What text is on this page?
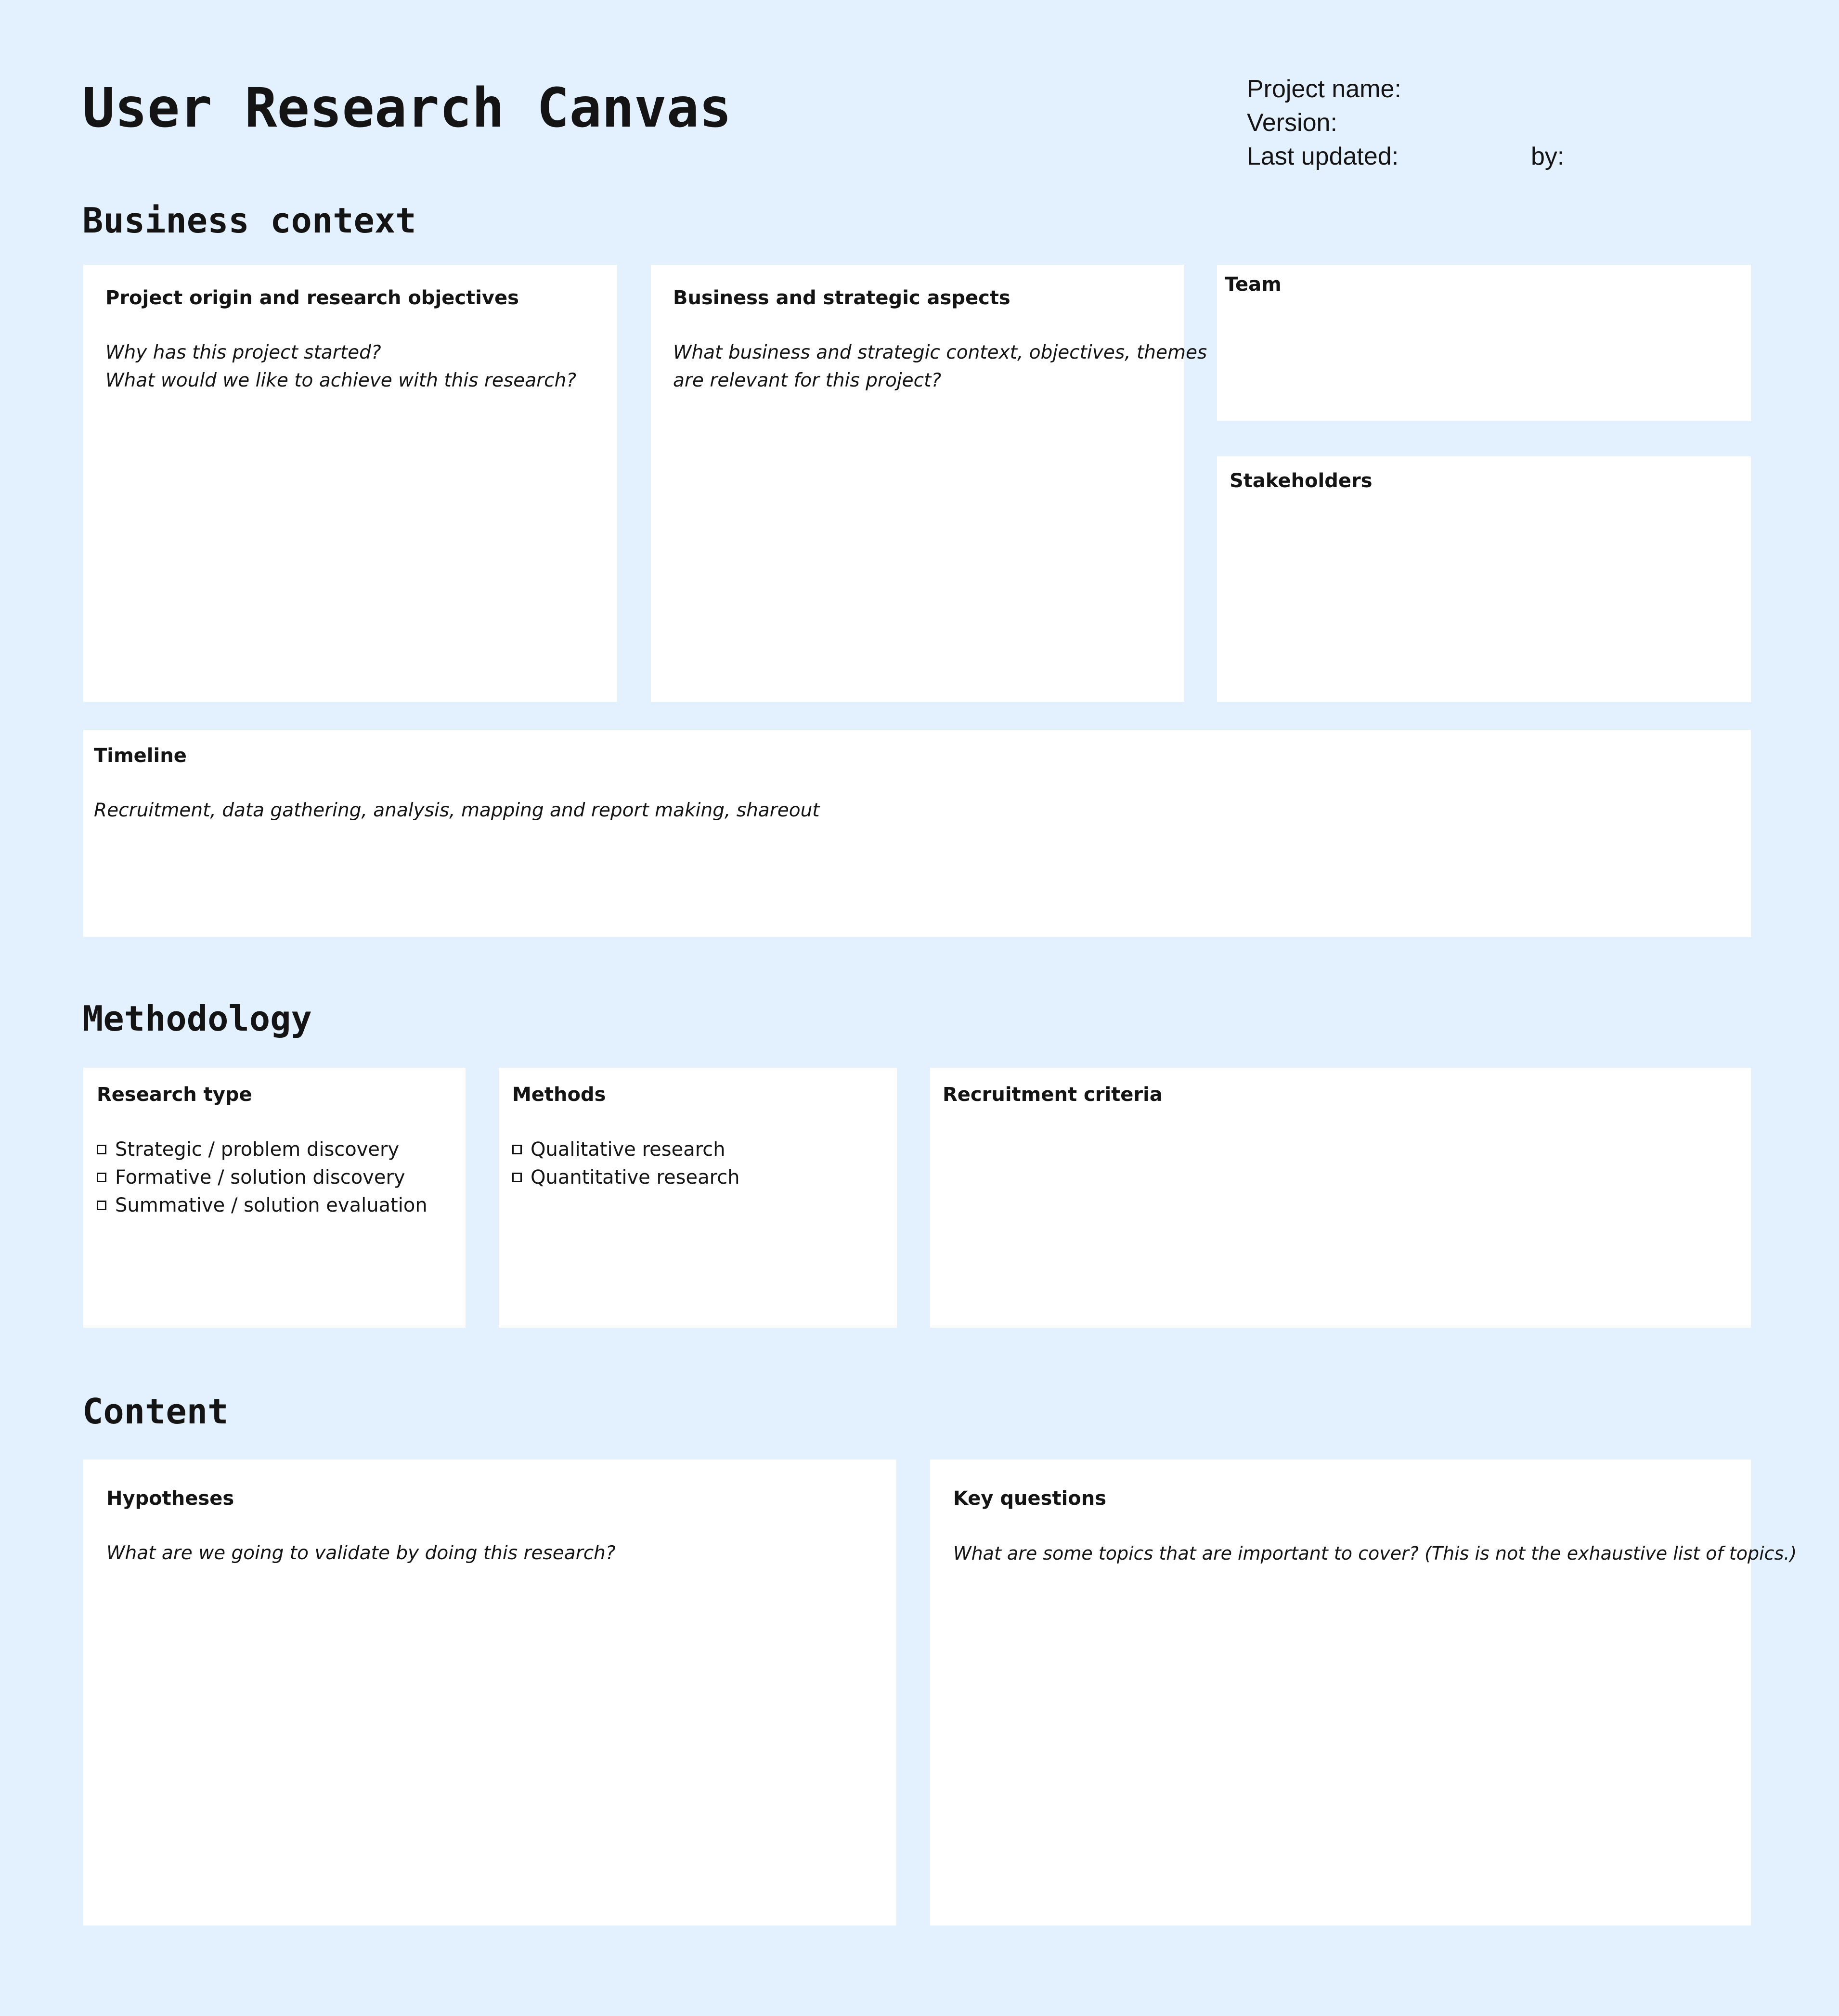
User Research Canvas	Project name:
Version:
Last updated:	by:
Business context
Project origin and research objectives
Why has this project started?
What would we like to achieve with this research?
Business and strategic aspects
What business and strategic context, objectives, themes
are relevant for this project?
Team
Stakeholders
Timeline
Recruitment, data gathering, analysis, mapping and report making, shareout
Methodology
Research type
Strategic / problem discovery
Formative / solution discovery
Summative / solution evaluation
Methods
Qualitative research
Quantitative research
Recruitment criteria
Content
Hypotheses
What are we going to validate by doing this research?
Key questions
What are some topics that are important to cover? (This is not the exhaustive list of topics.)
